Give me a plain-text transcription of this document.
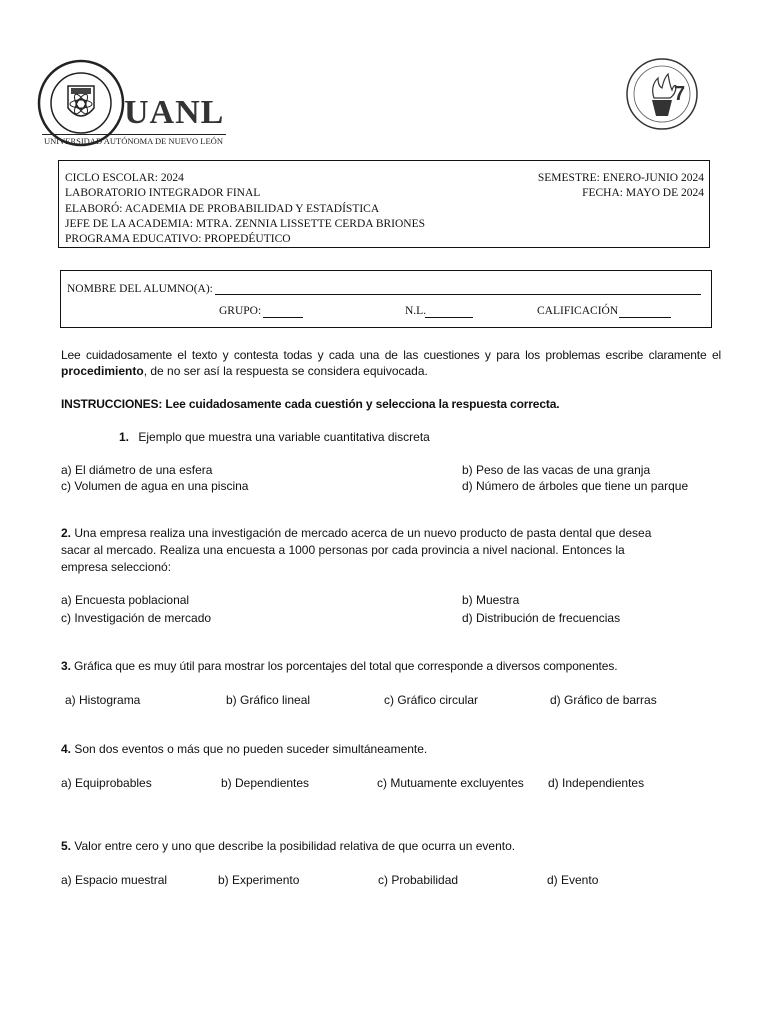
UANL
UNIVERSIDAD AUTÓNOMA DE NUEVO LEÓN
7
CICLO ESCOLAR: 2024
LABORATORIO INTEGRADOR FINAL
ELABORÓ: ACADEMIA DE PROBABILIDAD Y ESTADÍSTICA
JEFE DE LA ACADEMIA: MTRA. ZENNIA LISSETTE CERDA BRIONES
PROGRAMA EDUCATIVO: PROPEDÉUTICO
SEMESTRE: ENERO-JUNIO 2024
FECHA: MAYO DE 2024
NOMBRE DEL ALUMNO(A):
GRUPO:	N.L.	CALIFICACIÓN
Lee cuidadosamente el texto y contesta todas y cada una de las cuestiones y para los problemas escribe claramente el
procedimiento, de no ser así la respuesta se considera equivocada.
INSTRUCCIONES: Lee cuidadosamente cada cuestión y selecciona la respuesta correcta.
1. Ejemplo que muestra una variable cuantitativa discreta
a) El diámetro de una esfera	b) Peso de las vacas de una granja
c) Volumen de agua en una piscina	d) Número de árboles que tiene un parque
2. Una empresa realiza una investigación de mercado acerca de un nuevo producto de pasta dental que desea
sacar al mercado. Realiza una encuesta a 1000 personas por cada provincia a nivel nacional. Entonces la
empresa seleccionó:
a) Encuesta poblacional	b) Muestra
c) Investigación de mercado	d) Distribución de frecuencias
3. Gráfica que es muy útil para mostrar los porcentajes del total que corresponde a diversos componentes.
a) Histograma	b) Gráfico lineal	c) Gráfico circular	d) Gráfico de barras
4. Son dos eventos o más que no pueden suceder simultáneamente.
a) Equiprobables	b) Dependientes	c) Mutuamente excluyentes d) Independientes
5. Valor entre cero y uno que describe la posibilidad relativa de que ocurra un evento.
a) Espacio muestral	b) Experimento	c) Probabilidad	d) Evento
